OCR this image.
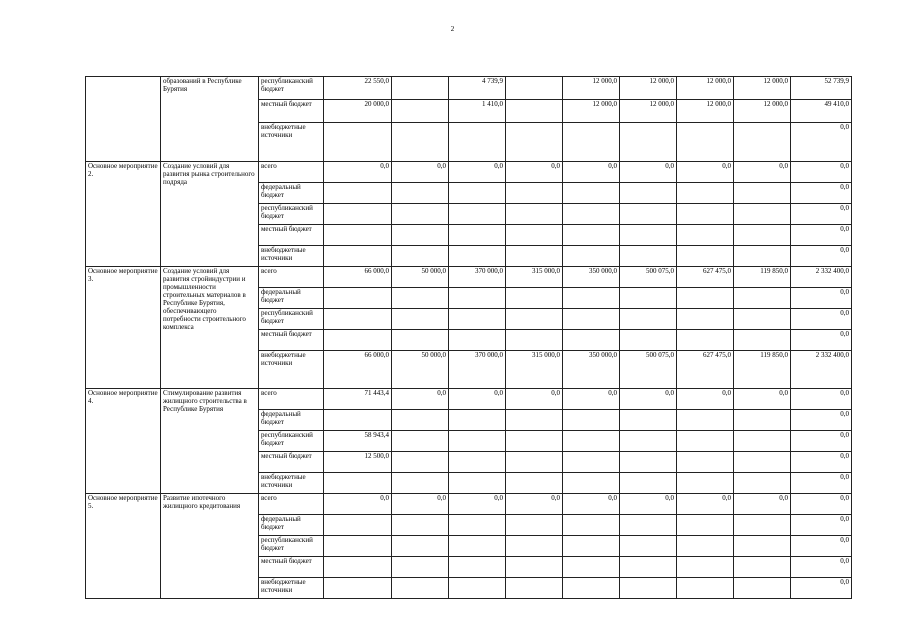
2
	образований в Республике Бурятия	республиканский бюджет	22 550,0		4 739,9		12 000,0	12 000,0	12 000,0	12 000,0	52 739,9
		местный бюджет	20 000,0		1 410,0		12 000,0	12 000,0	12 000,0	12 000,0	49 410,0
		внебюджетные источники									0,0
Основное мероприятие 2.	Создание условий для развития рынка строительного подряда	всего	0,0	0,0	0,0	0,0	0,0	0,0	0,0	0,0	0,0
		федеральный бюджет									0,0
		республиканский бюджет									0,0
		местный бюджет									0,0
		внебюджетные источники									0,0
Основное мероприятие 3.	Создание условий для развития стройиндустрии и промышленности строительных материалов в Республике Бурятия, обеспечивающего потребности строительного комплекса	всего	66 000,0	50 000,0	370 000,0	315 000,0	350 000,0	500 075,0	627 475,0	119 850,0	2 332 400,0
		федеральный бюджет									0,0
		республиканский бюджет									0,0
		местный бюджет									0,0
		внебюджетные источники	66 000,0	50 000,0	370 000,0	315 000,0	350 000,0	500 075,0	627 475,0	119 850,0	2 332 400,0
Основное мероприятие 4.	Стимулирование развития жилищного строительства в Республике Бурятия	всего	71 443,4	0,0	0,0	0,0	0,0	0,0	0,0	0,0	0,0
		федеральный бюджет									0,0
		республиканский бюджет	58 943,4								0,0
		местный бюджет	12 500,0								0,0
		внебюджетные источники									0,0
Основное мероприятие 5.	Развитие ипотечного жилищного кредитования	всего	0,0	0,0	0,0	0,0	0,0	0,0	0,0	0,0	0,0
		федеральный бюджет									0,0
		республиканский бюджет									0,0
		местный бюджет									0,0
		внебюджетные источники									0,0
